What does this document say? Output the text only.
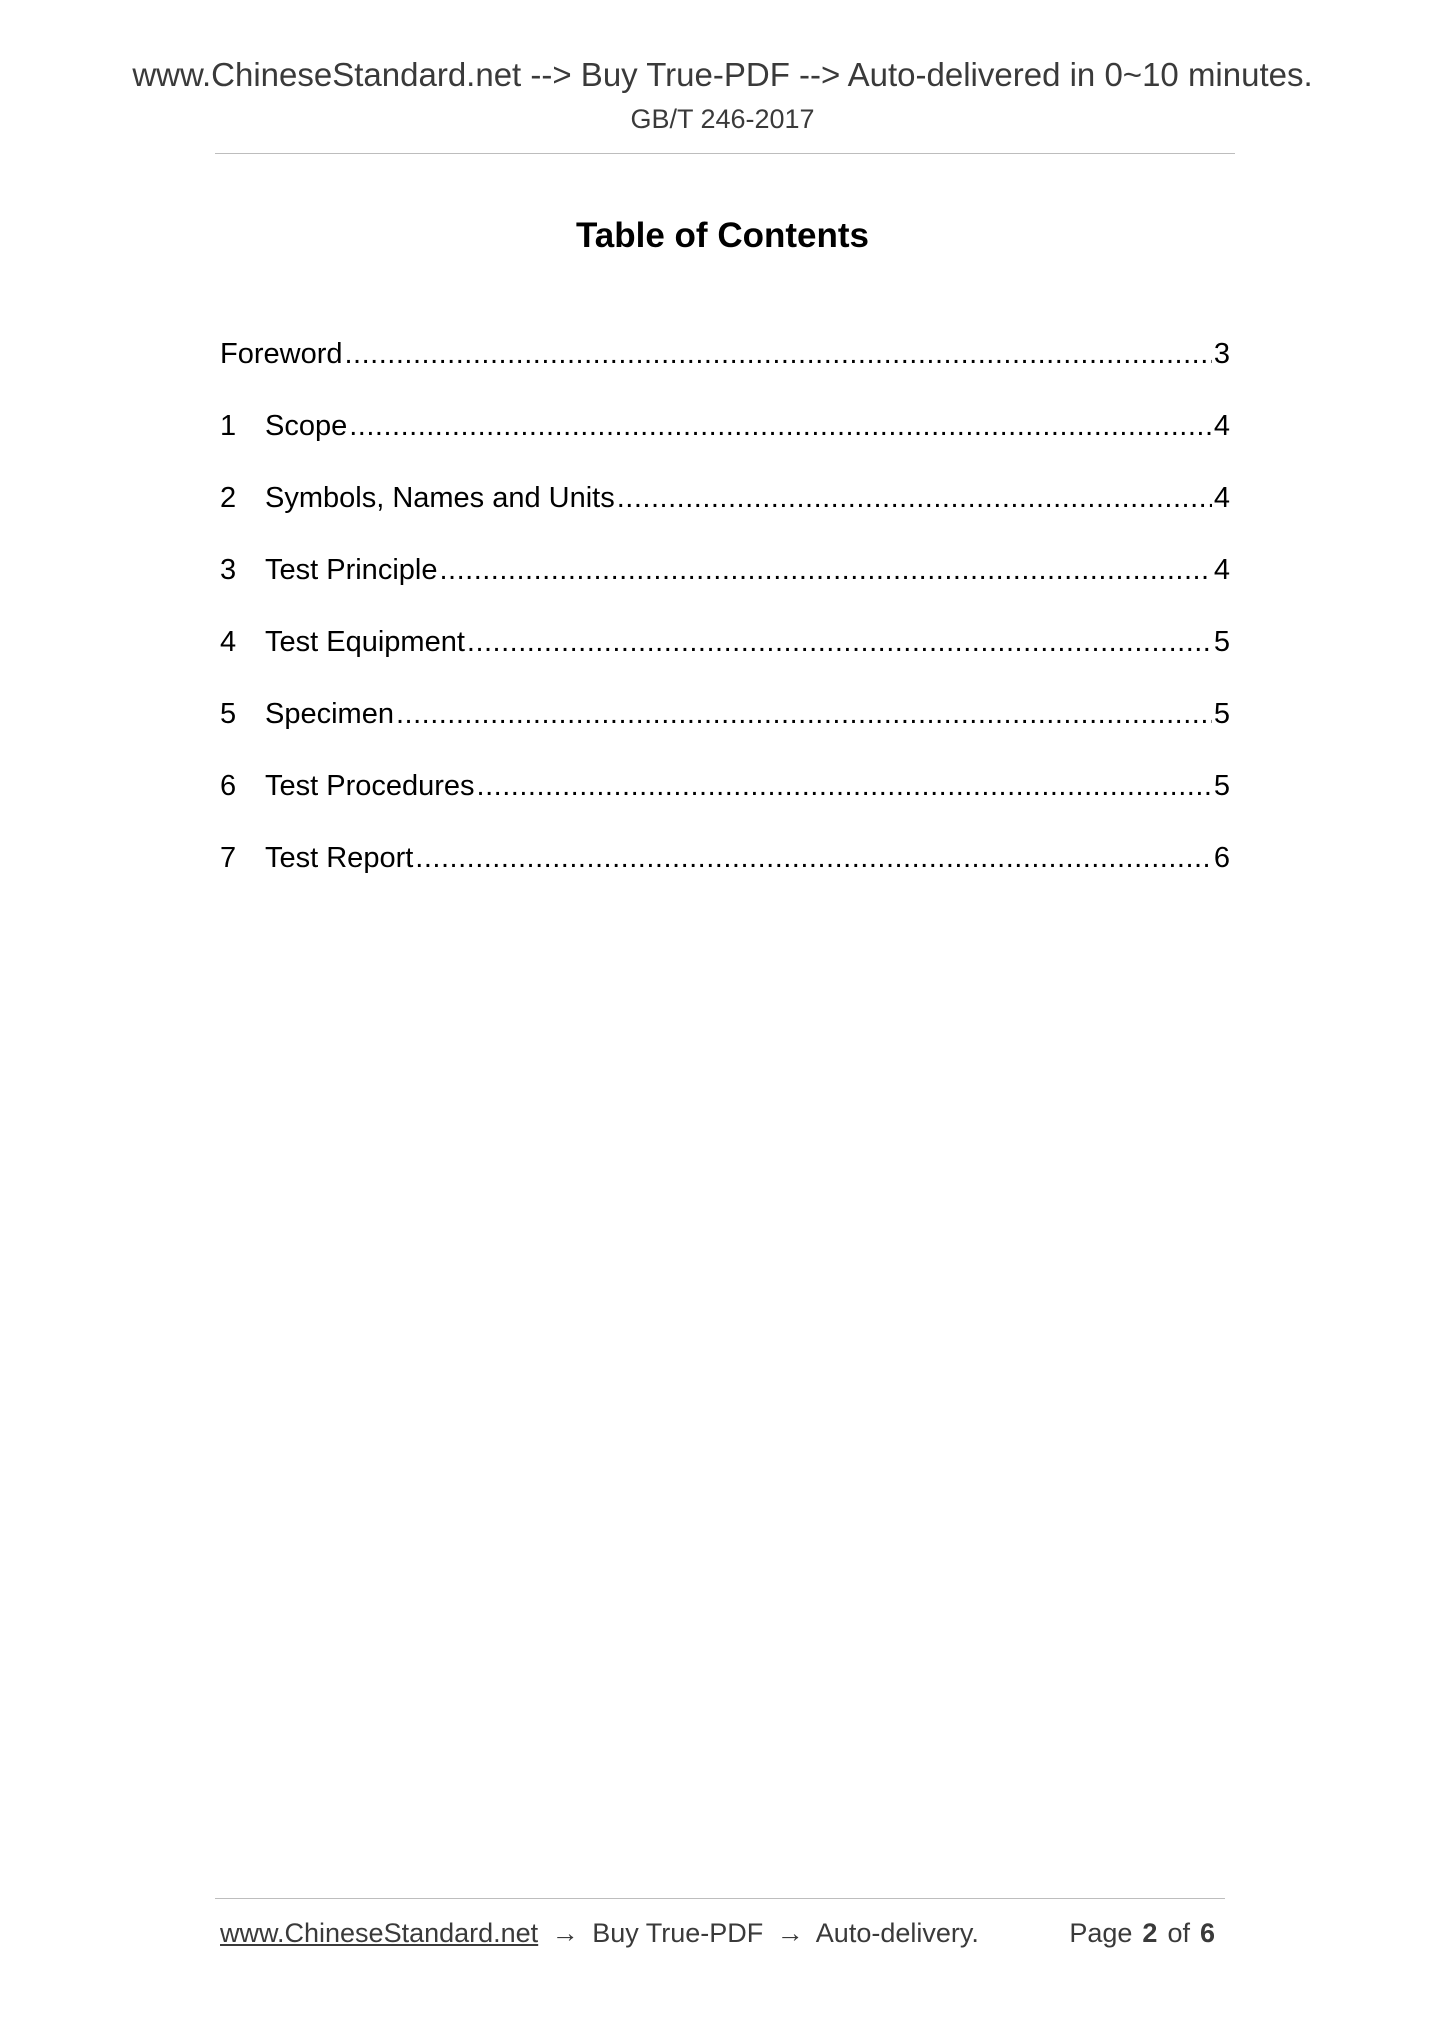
www.ChineseStandard.net --> Buy True-PDF --> Auto-delivered in 0~10 minutes.
GB/T 246-2017
Table of Contents
Foreword .....	3
1 Scope .....	4
2 Symbols, Names and Units .....	4
3 Test Principle .....	4
4 Test Equipment .....	5
5 Specimen .....	5
6 Test Procedures .....	5
7 Test Report .....	6
www.ChineseStandard.net → Buy True-PDF → Auto-delivery.	Page 2 of 6
